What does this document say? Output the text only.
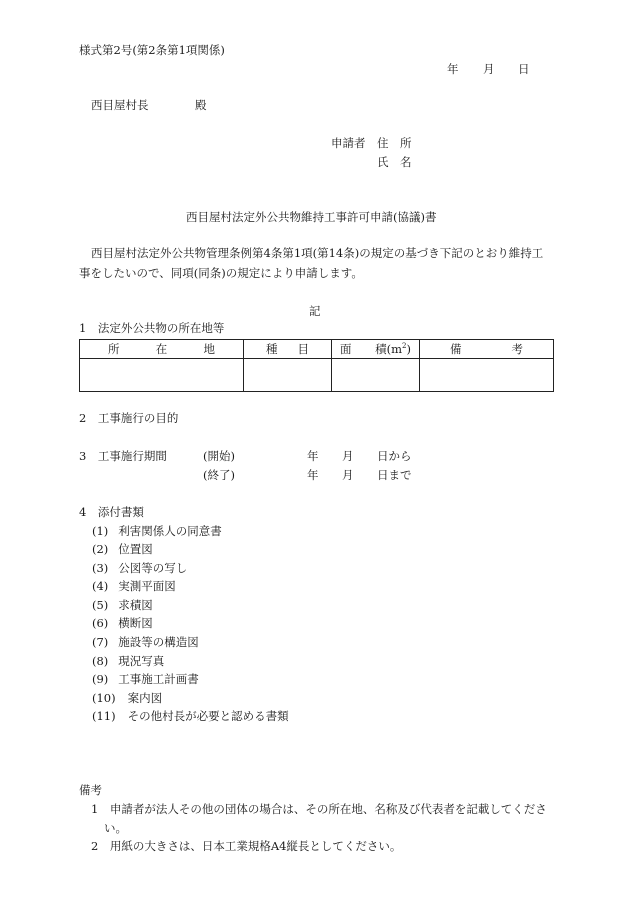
様式第2号(第2条第1項関係)
年 月 日
西目屋村長	殿
申請者 住　所
氏　名
西目屋村法定外公共物維持工事許可申請(協議)書
西目屋村法定外公共物管理条例第4条第1項(第14条)の規定の基づき下記のとおり維持工
事をしたいので、同項(同条)の規定により申請します。
記
1　法定外公共物の所在地等
所 在 地	種 目	面 積(m2)	備 考

2　工事施行の目的
3　工事施行期間	(開始)	年 月 日から
(終了)	年 月 日まで
4　添付書類
(1) 利害関係人の同意書
(2) 位置図
(3) 公図等の写し
(4) 実測平面図
(5) 求積図
(6) 横断図
(7) 施設等の構造図
(8) 現況写真
(9) 工事施工計画書
(10) 案内図
(11) その他村長が必要と認める書類
備考
1　申請者が法人その他の団体の場合は、その所在地、名称及び代表者を記載してくださ
い。
2　用紙の大きさは、日本工業規格A4縦長としてください。
